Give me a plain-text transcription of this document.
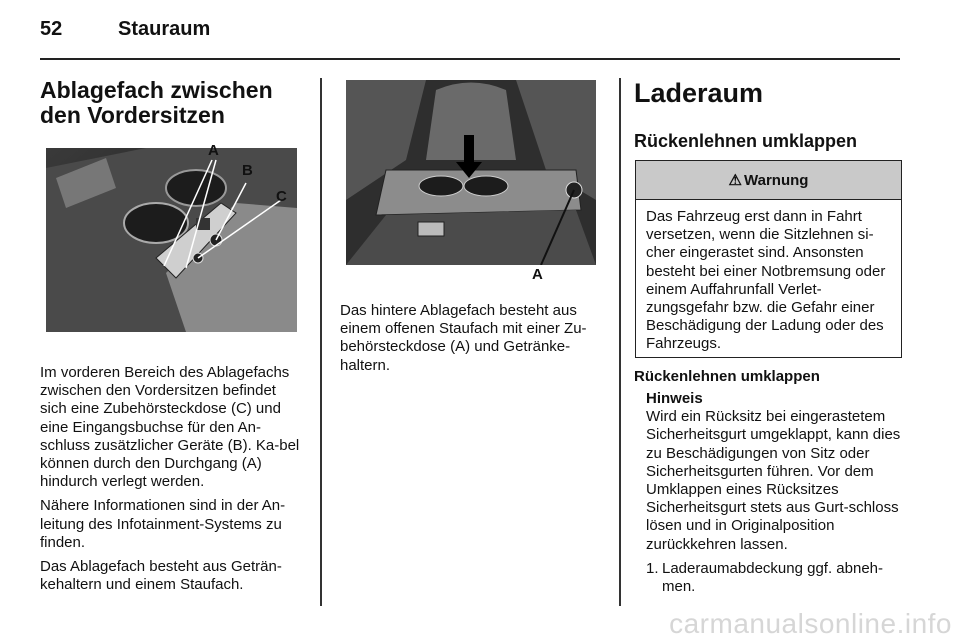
52	Stauraum
Ablagefach zwischen den Vordersitzen
A
B
C

Im vorderen Bereich des Ablagefachs zwischen den Vordersitzen befindet sich eine Zubehörsteckdose (C) und eine Eingangsbuchse für den An-schluss zusätzlicher Geräte (B). Ka-bel können durch den Durchgang (A) hindurch verlegt werden.

Nähere Informationen sind in der An-leitung des Infotainment-Systems zu finden.

Das Ablagefach besteht aus Geträn-kehaltern und einem Staufach.

A

Das hintere Ablagefach besteht aus einem offenen Staufach mit einer Zu-behörsteckdose (A) und Getränke-haltern.

Laderaum
Rückenlehnen umklappen
⚠ Warnung
Das Fahrzeug erst dann in Fahrt versetzen, wenn die Sitzlehnen si-cher eingerastet sind. Ansonsten besteht bei einer Notbremsung oder einem Auffahrunfall Verlet-zungsgefahr bzw. die Gefahr einer Beschädigung der Ladung oder des Fahrzeugs.
Rückenlehnen umklappen
Hinweis

Wird ein Rücksitz bei eingerastetem Sicherheitsgurt umgeklappt, kann dies zu Beschädigungen von Sitz oder Sicherheitsgurten führen. Vor dem Umklappen eines Rücksitzes Sicherheitsgurt stets aus Gurt-schloss lösen und in Originalposition zurückkehren lassen.

1. Laderaumabdeckung ggf. abneh-men.
carmanualsonline.info
